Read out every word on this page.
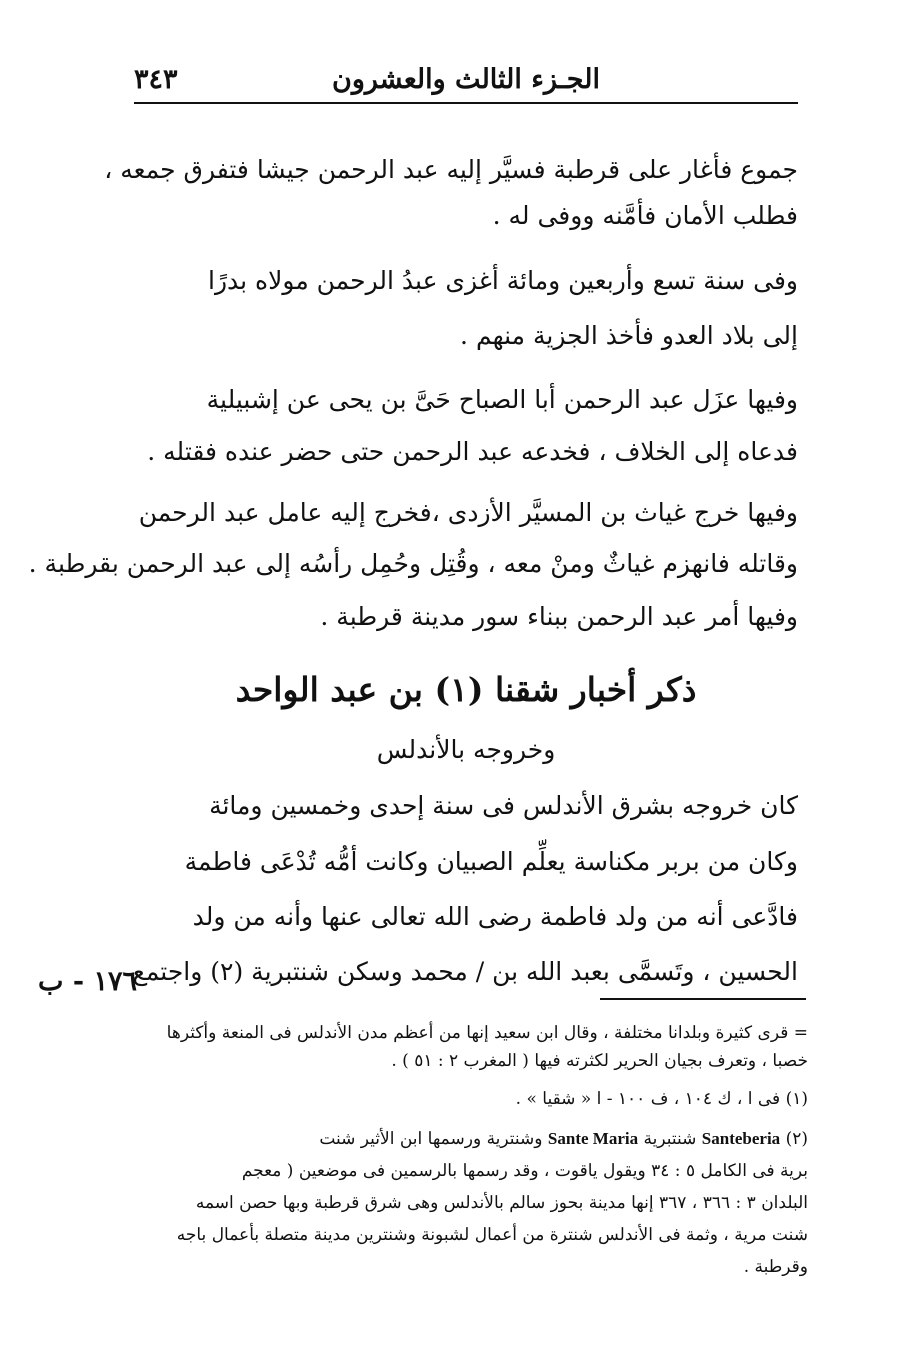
الجـزء الثالث والعشرون
٣٤٣
جموع فأغار على قرطبة فسيَّر إليه عبد الرحمن جيشا فتفرق جمعه ،
فطلب الأمان فأمَّنه ووفى له .
وفى سنة تسع وأربعين ومائة أغزى عبدُ الرحمن مولاه بدرًا
إلى بلاد العدو فأخذ الجزية منهم .
وفيها عزَل عبد الرحمن أبا الصباح حَىَّ بن يحى عن إشبيلية
فدعاه إلى الخلاف ، فخدعه عبد الرحمن حتى حضر عنده فقتله .
وفيها خرج غياث بن المسيَّر الأزدى ،فخرج إليه عامل عبد الرحمن
وقاتله فانهزم غياثٌ ومنْ معه ، وقُتِل وحُمِل رأسُه إلى عبد الرحمن بقرطبة .
وفيها أمر عبد الرحمن ببناء سور مدينة قرطبة .
ذكر أخبار شقنا (١) بن عبد الواحد
وخروجه بالأندلس
كان خروجه بشرق الأندلس فى سنة إحدى وخمسين ومائة
وكان من بربر مكناسة يعلِّم الصبيان وكانت أمُّه تُدْعَى فاطمة
فادَّعى أنه من ولد فاطمة رضى الله تعالى عنها وأنه من ولد
الحسين ، وتَسمَّى بعبد الله بن / محمد وسكن شنتبرية (٢) واجتمع
١٧٦ - ب
= قرى كثيرة وبلدانا مختلفة ، وقال ابن سعيد إنها من أعظم مدن الأندلس فى المنعة وأكثرها
خصبا ، وتعرف بجيان الحرير لكثرته فيها ( المغرب ٢ : ٥١ ) .
(١) فى ا ، ك ١٠٤ ، ف ١٠٠ - ا « شقيا » .
(٢) Santeberia شنتبرية Sante Maria وشنترية ورسمها ابن الأثير شنت
برية فى الكامل ٥ : ٣٤ ويقول ياقوت ، وقد رسمها بالرسمين فى موضعين ( معجم
البلدان ٣ : ٣٦٦ ، ٣٦٧ إنها مدينة بحوز سالم بالأندلس وهى شرق قرطبة وبها حصن اسمه
شنت مرية ، وثمة فى الأندلس شنترة من أعمال لشبونة وشنترين مدينة متصلة بأعمال باجه
وقرطبة .
